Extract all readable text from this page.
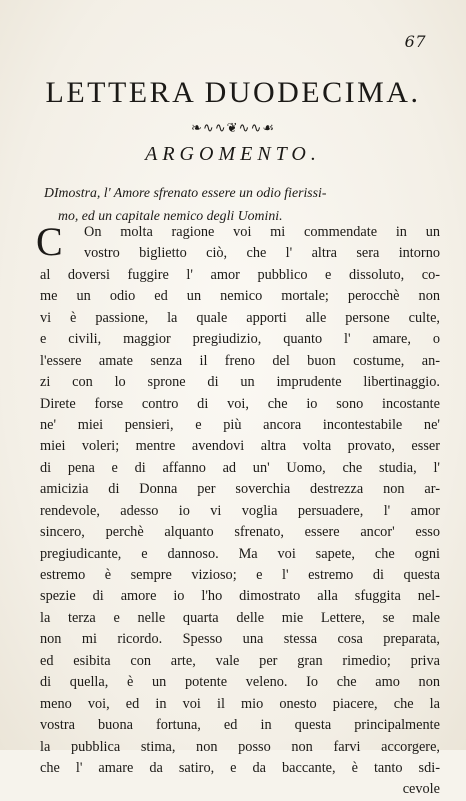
67
LETTERA DUODECIMA.
❧∿∿❦∿∿☙
ARGOMENTO.
DImostra, l' Amore sfrenato essere un odio fierissi-
mo, ed un capitale nemico degli Uomini.
C	On molta ragione voi mi commendate in un
vostro biglietto ciò, che l' altra sera intorno
al doversi fuggire l' amor pubblico e dissoluto, co-
me un odio ed un nemico mortale; perocchè non
vi è passione, la quale apporti alle persone culte,
e civili, maggior pregiudizio, quanto l' amare, o
l'essere amate senza il freno del buon costume, an-
zi con lo sprone di un imprudente libertinaggio.
Direte forse contro di voi, che io sono incostante
ne' miei pensieri, e più ancora incontestabile ne'
miei voleri; mentre avendovi altra volta provato, esser
di pena e di affanno ad un' Uomo, che studia, l'
amicizia di Donna per soverchia destrezza non ar-
rendevole, adesso io vi voglia persuadere, l' amor
sincero, perchè alquanto sfrenato, essere ancor' esso
pregiudicante, e dannoso. Ma voi sapete, che ogni
estremo è sempre vizioso; e l' estremo di questa
spezie di amore io l'ho dimostrato alla sfuggita nel-
la terza e nelle quarta delle mie Lettere, se male
non mi ricordo. Spesso una stessa cosa preparata,
ed esibita con arte, vale per gran rimedio; priva
di quella, è un potente veleno. Io che amo non
meno voi, ed in voi il mio onesto piacere, che la
vostra buona fortuna, ed in questa principalmente
la pubblica stima, non posso non farvi accorgere,
che l' amare da satiro, e da baccante, è tanto sdi-
cevole
